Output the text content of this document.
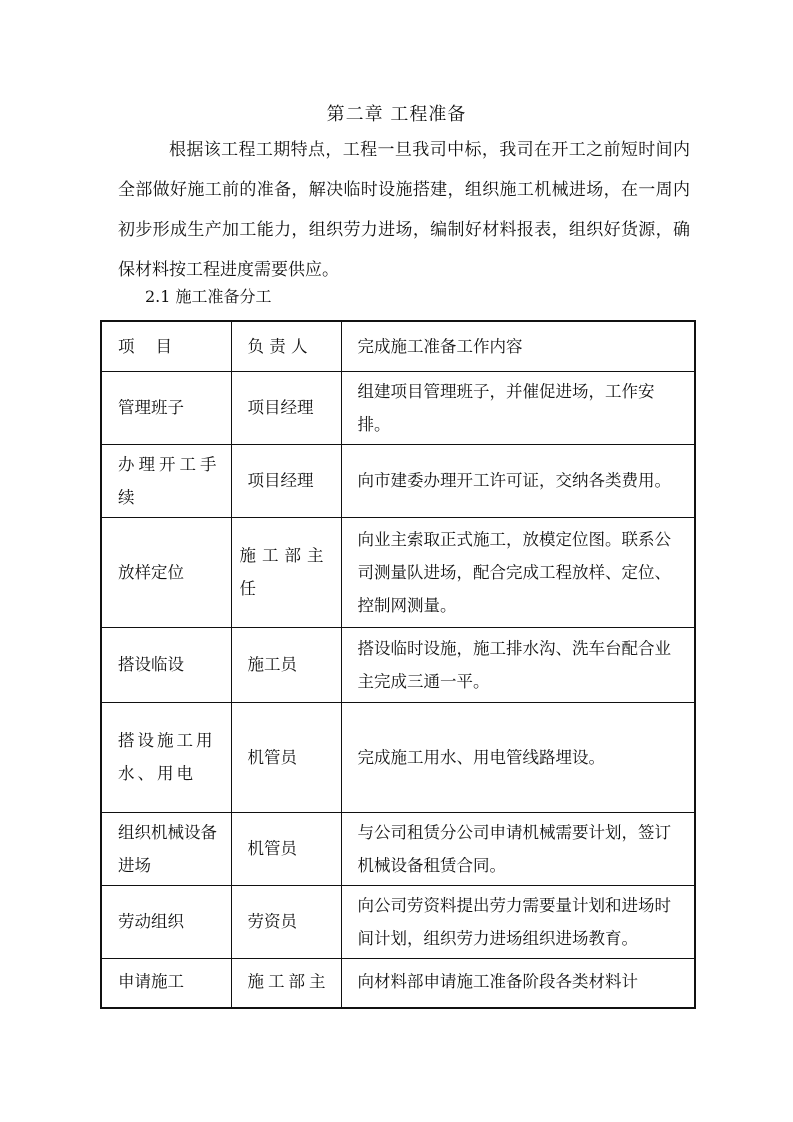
第二章 工程准备
根据该工程工期特点，工程一旦我司中标，我司在开工之前短时间内全部做好施工前的准备，解决临时设施搭建，组织施工机械进场，在一周内初步形成生产加工能力，组织劳力进场，编制好材料报表，组织好货源，确保材料按工程进度需要供应。
2.1 施工准备分工
项    目	负 责 人	完成施工准备工作内容
管理班子	项目经理	组建项目管理班子，并催促进场，工作安排。
办理开工手续	项目经理	向市建委办理开工许可证，交纳各类费用。
放样定位	施工部主任	向业主索取正式施工，放模定位图。联系公司测量队进场，配合完成工程放样、定位、控制网测量。
搭设临设	施工员	搭设临时设施，施工排水沟、洗车台配合业主完成三通一平。
搭设施工用水、用电	机管员	完成施工用水、用电管线路埋设。
组织机械设备进场	机管员	与公司租赁分公司申请机械需要计划，签订机械设备租赁合同。
劳动组织	劳资员	向公司劳资料提出劳力需要量计划和进场时间计划，组织劳力进场组织进场教育。
申请施工	施工部主	向材料部申请施工准备阶段各类材料计
